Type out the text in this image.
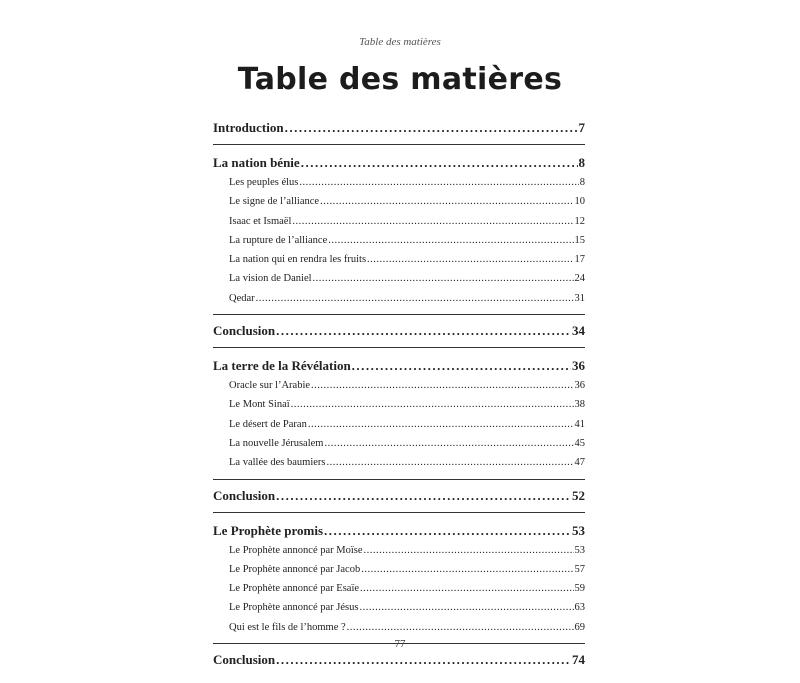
Table des matières
Table des matières
Introduction .....	7
La nation bénie .....	8
Les peuples élus .....	8
Le signe de l’alliance .....	10
Isaac et Ismaël .....	12
La rupture de l’alliance .....	15
La nation qui en rendra les fruits .....	17
La vision de Daniel .....	24
Qedar .....	31
Conclusion .....	34
La terre de la Révélation .....	36
Oracle sur l’Arabie .....	36
Le Mont Sinaï .....	38
Le désert de Paran .....	41
La nouvelle Jérusalem .....	45
La vallée des baumiers .....	47
Conclusion .....	52
Le Prophète promis .....	53
Le Prophète annoncé par Moïse .....	53
Le Prophète annoncé par Jacob .....	57
Le Prophète annoncé par Esaïe .....	59
Le Prophète annoncé par Jésus .....	63
Qui est le fils de l’homme ? .....	69
Conclusion .....	74
77
